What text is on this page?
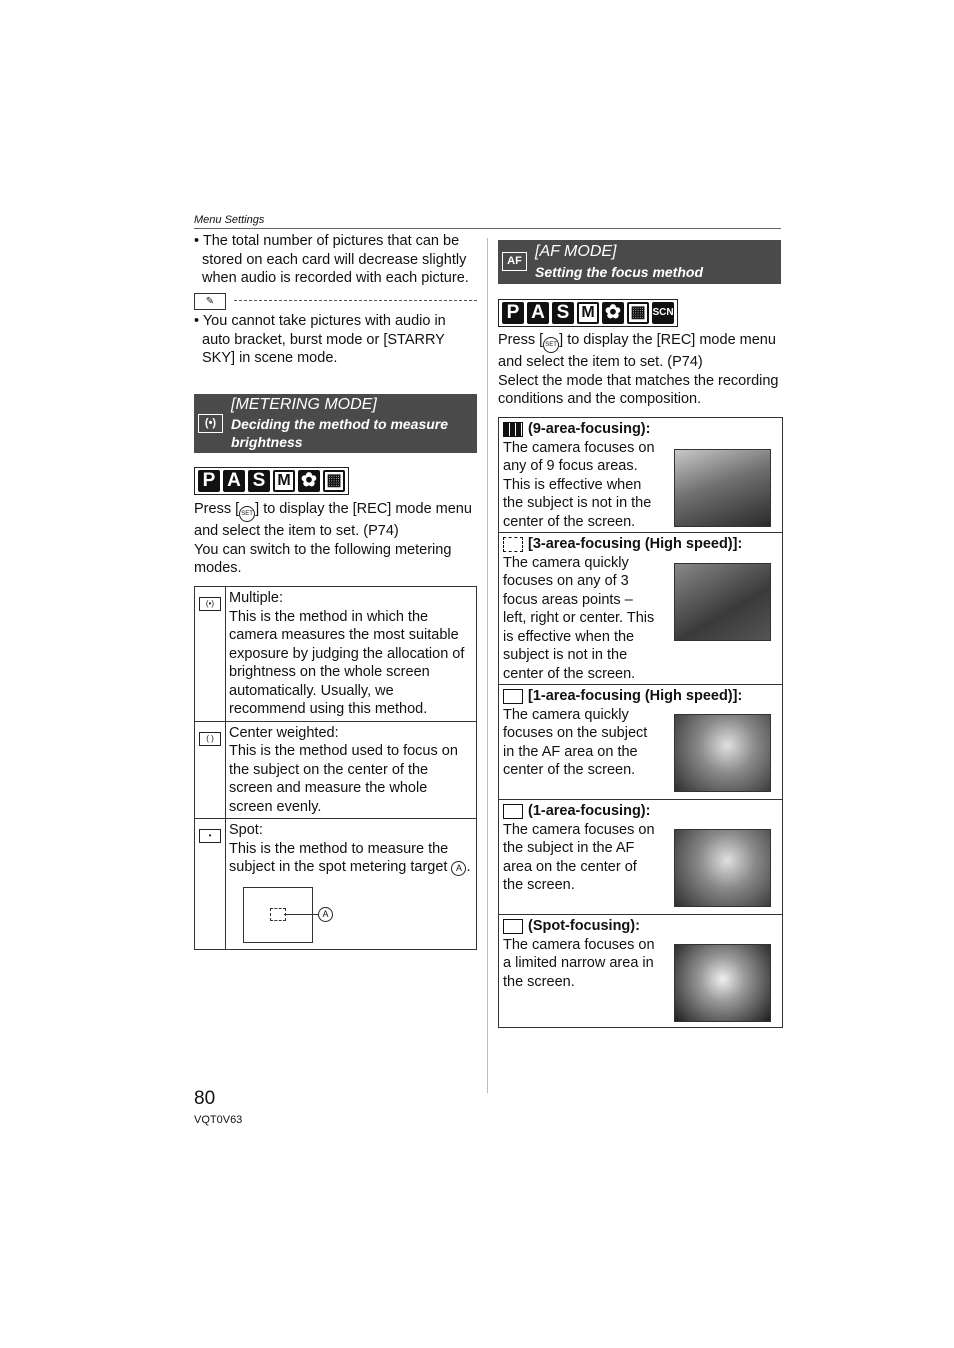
Menu Settings

• The total number of pictures that can be stored on each card will decrease slightly when audio is recorded with each picture.

✎

• You cannot take pictures with audio in auto bracket, burst mode or [STARRY SKY] in scene mode.

(•)
[METERING MODE]
Deciding the method to measure brightness
P A S M ✿ ▦
Press [ SET ] to display the [REC] mode menu and select the item to set. (P74)
You can switch to the following metering modes.
(•)	Multiple:
This is the method in which the camera measures the most suitable exposure by judging the allocation of brightness on the whole screen automatically. Usually, we recommend using this method.

( )	Center weighted:
This is the method used to focus on the subject on the center of the screen and measure the whole screen evenly.

•	Spot:
This is the method to measure the subject in the spot metering target A .
A
AF
[AF MODE]
Setting the focus method
P A S M ✿ ▦ SCN
Press [ SET ] to display the [REC] mode menu and select the item to set. (P74)
Select the mode that matches the recording conditions and the composition.
(9-area-focusing):
The camera focuses on any of 9 focus areas. This is effective when the subject is not in the center of the screen.
[3-area-focusing (High speed)]:
The camera quickly focuses on any of 3 focus areas points – left, right or center. This is effective when the subject is not in the center of the screen.
[1-area-focusing (High speed)]:
The camera quickly focuses on the subject in the AF area on the center of the screen.
(1-area-focusing):
The camera focuses on the subject in the AF area on the center of the screen.
(Spot-focusing):
The camera focuses on a limited narrow area in the screen.
80
VQT0V63
